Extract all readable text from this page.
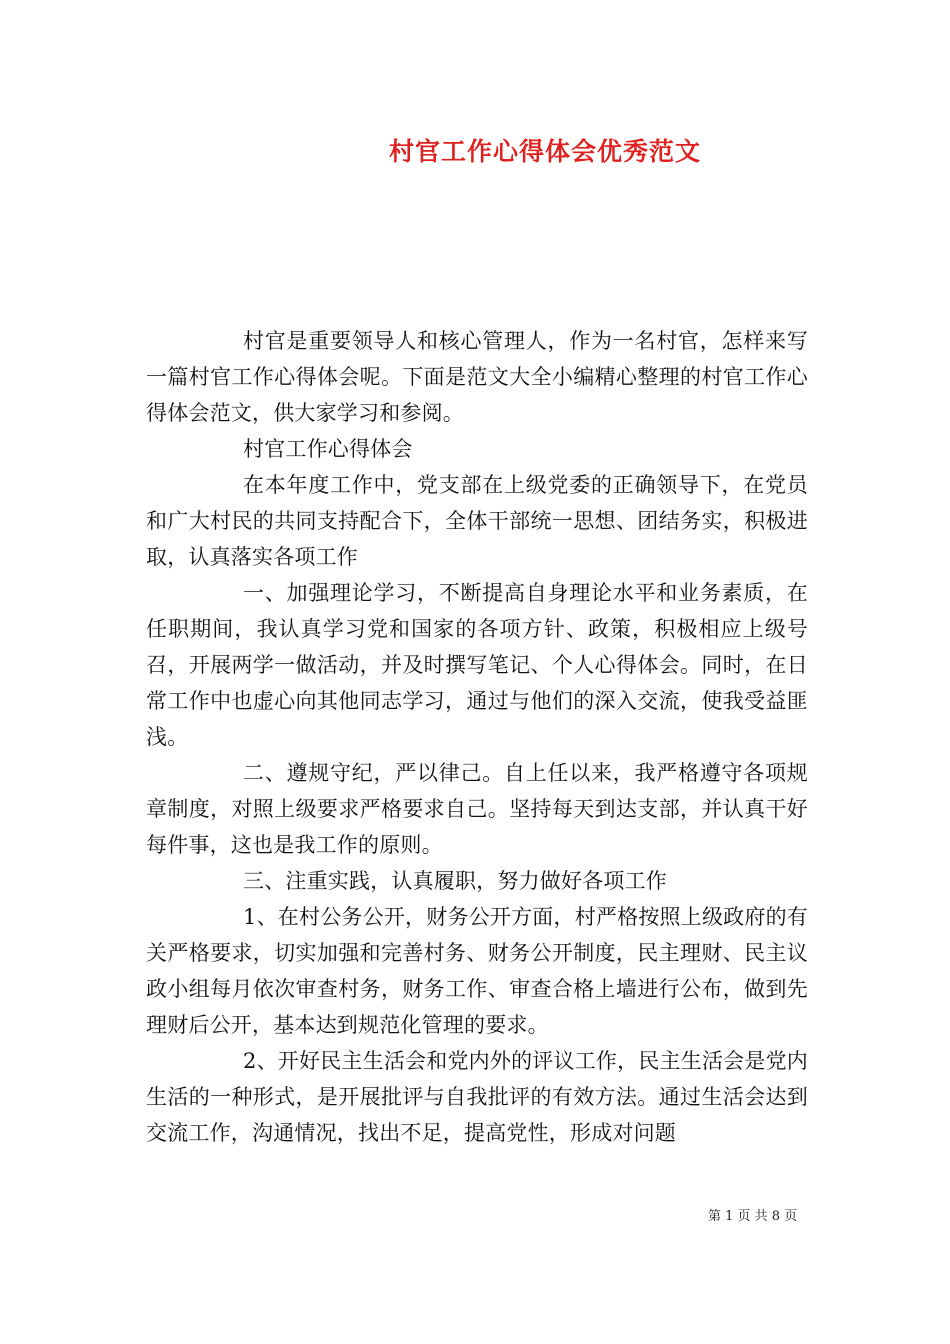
村官工作心得体会优秀范文

村官是重要领导人和核心管理人，作为一名村官，怎样来写一篇村官工作心得体会呢。下面是范文大全小编精心整理的村官工作心得体会范文，供大家学习和参阅。

村官工作心得体会

在本年度工作中，党支部在上级党委的正确领导下，在党员和广大村民的共同支持配合下，全体干部统一思想、团结务实，积极进取，认真落实各项工作

一、加强理论学习，不断提高自身理论水平和业务素质，在任职期间，我认真学习党和国家的各项方针、政策，积极相应上级号召，开展两学一做活动，并及时撰写笔记、个人心得体会。同时，在日常工作中也虚心向其他同志学习，通过与他们的深入交流，使我受益匪浅。

二、遵规守纪，严以律己。自上任以来，我严格遵守各项规章制度，对照上级要求严格要求自己。坚持每天到达支部，并认真干好每件事，这也是我工作的原则。

三、注重实践，认真履职，努力做好各项工作

1、在村公务公开，财务公开方面，村严格按照上级政府的有关严格要求，切实加强和完善村务、财务公开制度，民主理财、民主议政小组每月依次审查村务，财务工作、审查合格上墙进行公布，做到先理财后公开，基本达到规范化管理的要求。

2、开好民主生活会和党内外的评议工作，民主生活会是党内生活的一种形式，是开展批评与自我批评的有效方法。通过生活会达到交流工作，沟通情况，找出不足，提高党性，形成对问题

第 1 页 共 8 页
